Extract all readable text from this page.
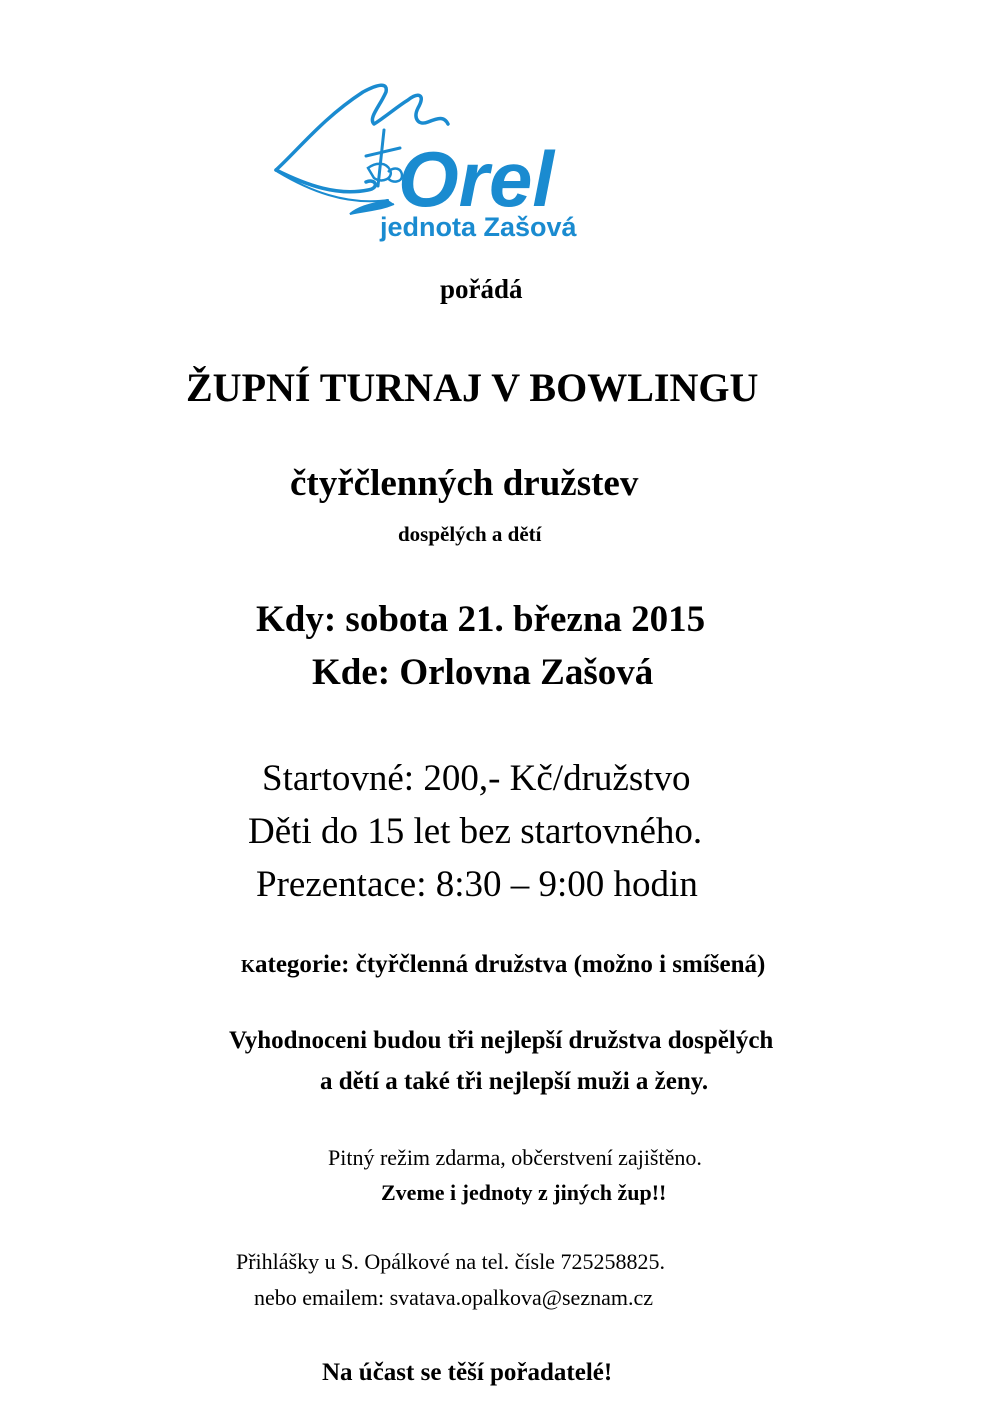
Orel
jednota Zašová
pořádá
ŽUPNÍ TURNAJ V BOWLINGU
čtyřčlenných družstev
dospělých a dětí
Kdy: sobota 21. března 2015
Kde: Orlovna Zašová
Startovné: 200,- Kč/družstvo
Děti do 15 let bez startovného.
Prezentace: 8:30 – 9:00 hodin
Kategorie: čtyřčlenná družstva (možno i smíšená)
Vyhodnoceni budou tři nejlepší družstva dospělých
a dětí a také tři nejlepší muži a ženy.
Pitný režim zdarma, občerstvení zajištěno.
Zveme i jednoty z jiných žup!!
Přihlášky u S. Opálkové na tel. čísle 725258825.
nebo emailem: svatava.opalkova@seznam.cz
Na účast se těší pořadatelé!
